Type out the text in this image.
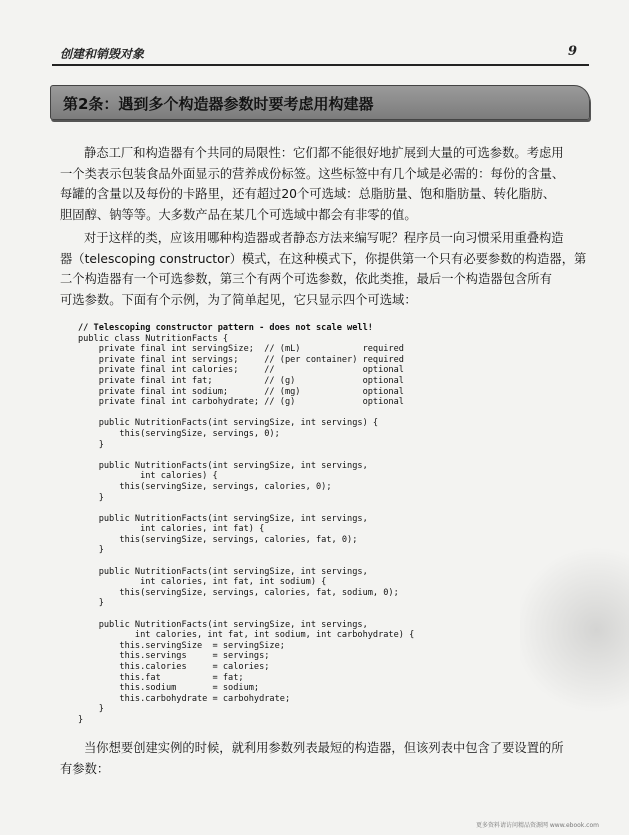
创建和销毁对象	9
第2条：遇到多个构造器参数时要考虑用构建器
静态工厂和构造器有个共同的局限性：它们都不能很好地扩展到大量的可选参数。考虑用
一个类表示包装食品外面显示的营养成份标签。这些标签中有几个域是必需的：每份的含量、
每罐的含量以及每份的卡路里，还有超过20个可选域：总脂肪量、饱和脂肪量、转化脂肪、
胆固醇、钠等等。大多数产品在某几个可选域中都会有非零的值。
对于这样的类，应该用哪种构造器或者静态方法来编写呢？程序员一向习惯采用重叠构造
器（telescoping constructor）模式，在这种模式下，你提供第一个只有必要参数的构造器，第
二个构造器有一个可选参数，第三个有两个可选参数，依此类推，最后一个构造器包含所有
可选参数。下面有个示例，为了简单起见，它只显示四个可选域：
// Telescoping constructor pattern - does not scale well!
public class NutritionFacts {
private final int servingSize;  // (mL)            required
private final int servings;     // (per container) required
private final int calories;     //                 optional
private final int fat;          // (g)             optional
private final int sodium;       // (mg)            optional
private final int carbohydrate; // (g)             optional

public NutritionFacts(int servingSize, int servings) {
this(servingSize, servings, 0);
}

public NutritionFacts(int servingSize, int servings,
int calories) {
this(servingSize, servings, calories, 0);
}

public NutritionFacts(int servingSize, int servings,
int calories, int fat) {
this(servingSize, servings, calories, fat, 0);
}

public NutritionFacts(int servingSize, int servings,
int calories, int fat, int sodium) {
this(servingSize, servings, calories, fat, sodium, 0);
}

public NutritionFacts(int servingSize, int servings,
int calories, int fat, int sodium, int carbohydrate) {
this.servingSize  = servingSize;
this.servings     = servings;
this.calories     = calories;
this.fat          = fat;
this.sodium       = sodium;
this.carbohydrate = carbohydrate;
}
}
当你想要创建实例的时候，就利用参数列表最短的构造器，但该列表中包含了要设置的所
有参数：
更多资料请访问精品资源网 www.ebook.com
